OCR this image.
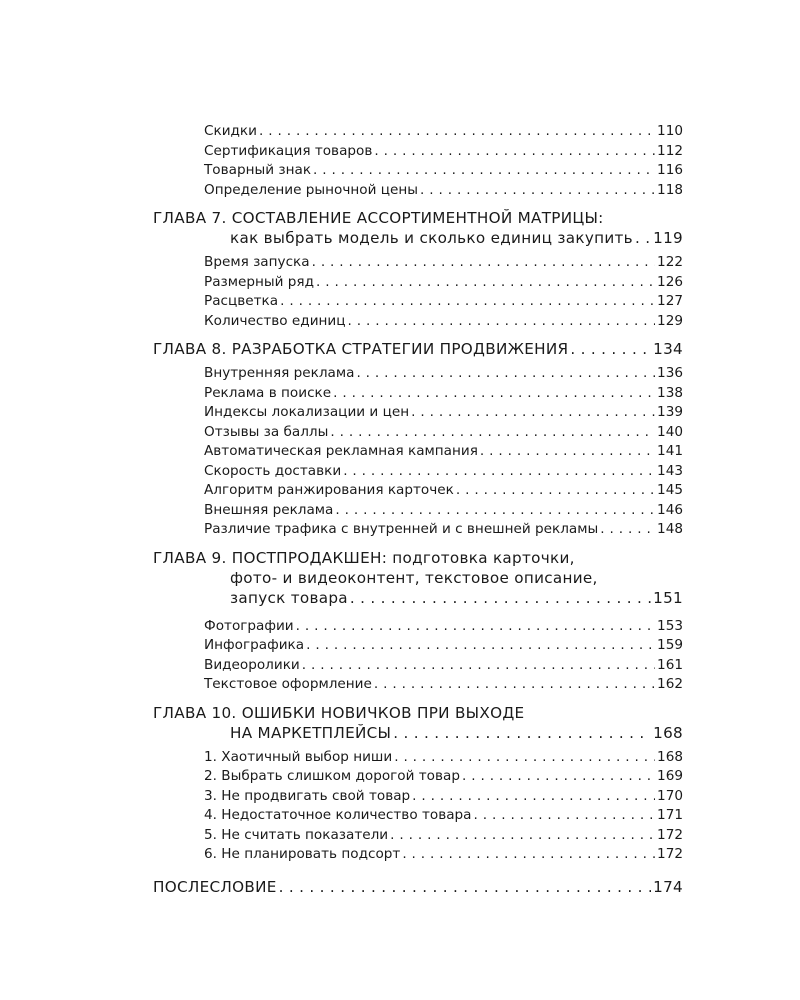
Скидки . . .	110
Сертификация товаров . . .	112
Товарный знак . . .	116
Определение рыночной цены . . .	118
ГЛАВА 7. СОСТАВЛЕНИЕ АССОРТИМЕНТНОЙ МАТРИЦЫ:
как выбрать модель и сколько единиц закупить . . . 119
Время запуска . . .	122
Размерный ряд . . .	126
Расцветка . . .	127
Количество единиц . . .	129
ГЛАВА 8. РАЗРАБОТКА СТРАТЕГИИ ПРОДВИЖЕНИЯ . . .	134
Внутренняя реклама . . .	136
Реклама в поиске . . .	138
Индексы локализации и цен . . .	139
Отзывы за баллы . . .	140
Автоматическая рекламная кампания . . .	141
Скорость доставки . . .	143
Алгоритм ранжирования карточек . . .	145
Внешняя реклама . . .	146
Различие трафика с внутренней и с внешней рекламы . . .	148
ГЛАВА 9. ПОСТПРОДАКШЕН: подготовка карточки,
фото- и видеоконтент, текстовое описание,
запуск товара . . .	151
Фотографии . . .	153
Инфографика . . .	159
Видеоролики . . .	161
Текстовое оформление . . .	162
ГЛАВА 10. ОШИБКИ НОВИЧКОВ ПРИ ВЫХОДЕ
НА МАРКЕТПЛЕЙСЫ . . .	168
1. Хаотичный выбор ниши . . .	168
2. Выбрать слишком дорогой товар . . .	169
3. Не продвигать свой товар . . .	170
4. Недостаточное количество товара . . .	171
5. Не считать показатели . . .	172
6. Не планировать подсорт . . .	172
ПОСЛЕСЛОВИЕ . . .	174
